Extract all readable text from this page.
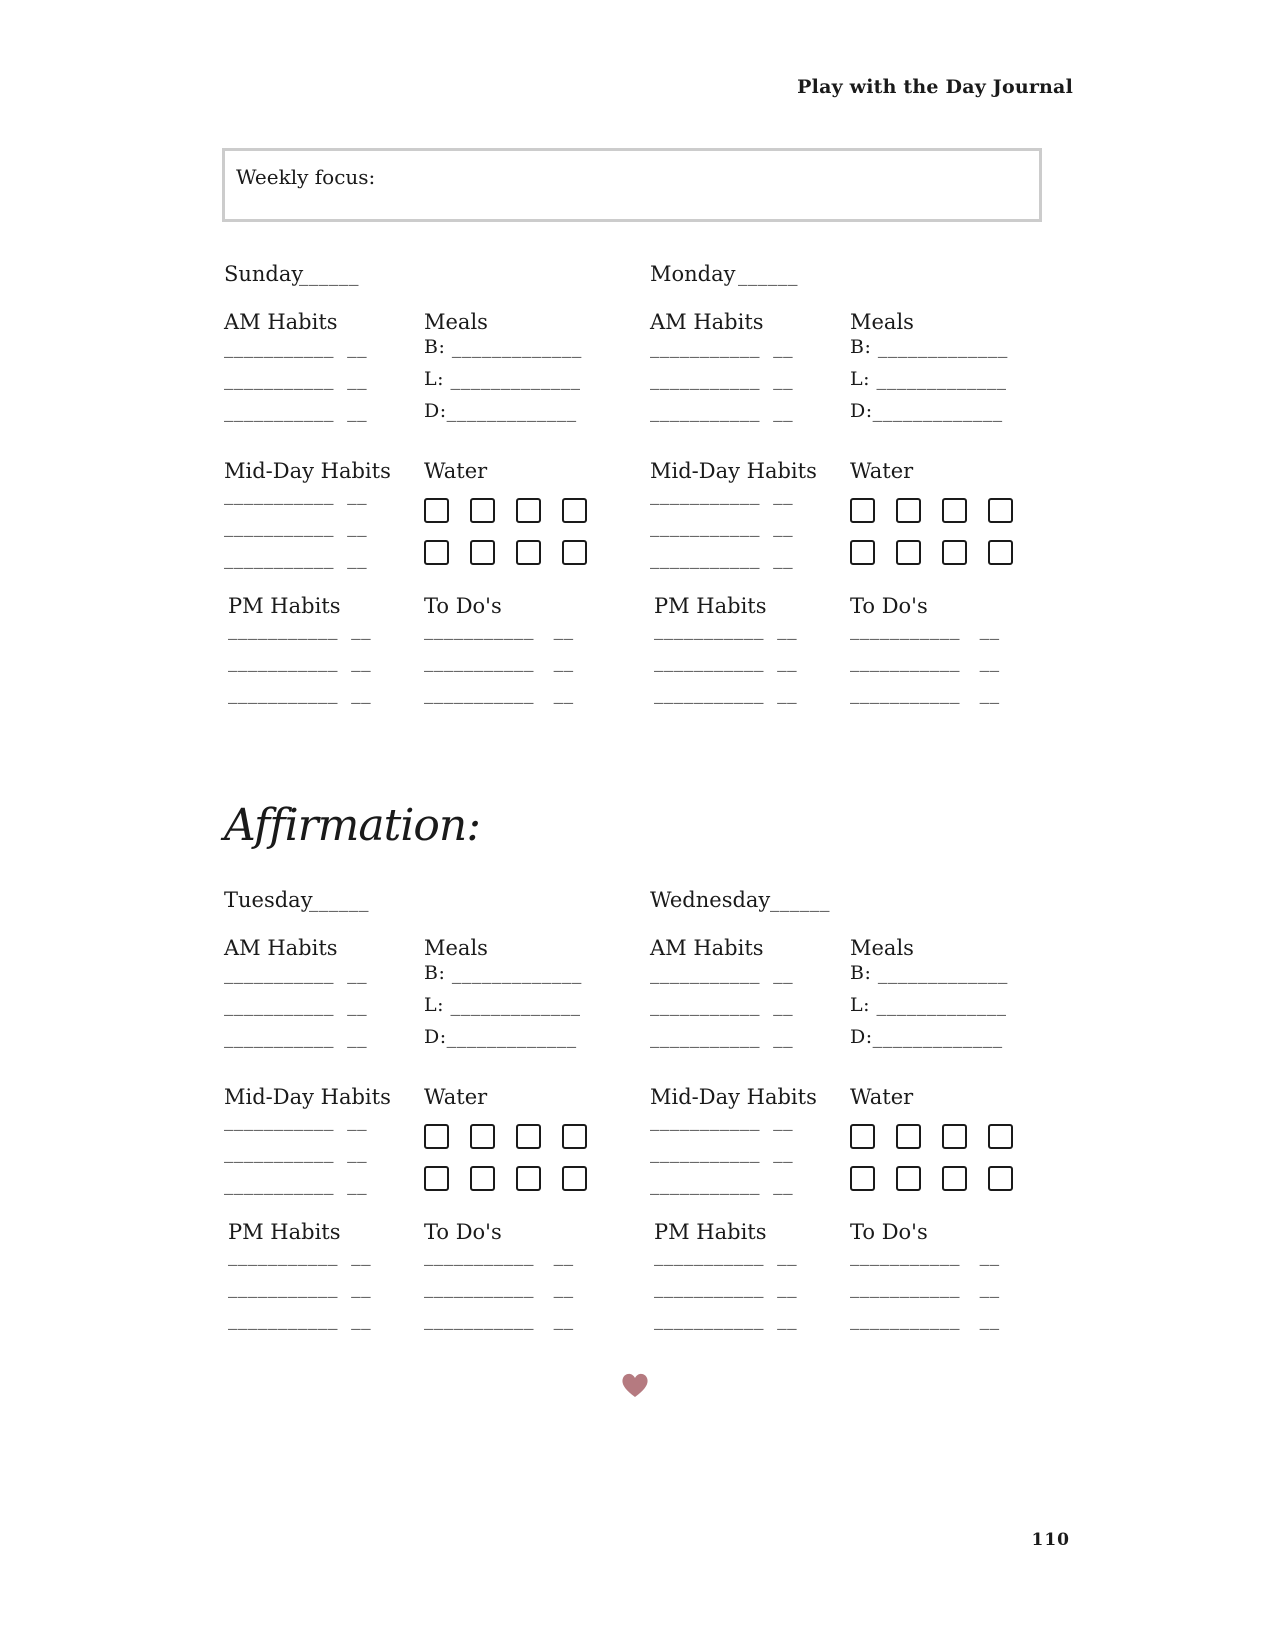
Play with the Day Journal
Weekly focus:
Sunday
______
AM Habits
___________  __
___________  __
___________  __
Meals
B: _____________
L: _____________
D:_____________
Mid-Day Habits
___________  __
___________  __
___________  __
Water
PM Habits
___________  __
___________  __
___________  __
To Do's
___________   __
___________   __
___________   __
Monday ______
AM Habits
___________  __
___________  __
___________  __
Meals
B: _____________
L: _____________
D:_____________
Mid-Day Habits
___________  __
___________  __
___________  __
Water
PM Habits
___________  __
___________  __
___________  __
To Do's
___________   __
___________   __
___________   __
Affirmation:
Tuesday
______
AM Habits
___________  __
___________  __
___________  __
Meals
B: _____________
L: _____________
D:_____________
Mid-Day Habits
___________  __
___________  __
___________  __
Water
PM Habits
___________  __
___________  __
___________  __
To Do's
___________   __
___________   __
___________   __
Wednesday ______
AM Habits
___________  __
___________  __
___________  __
Meals
B: _____________
L: _____________
D:_____________
Mid-Day Habits
___________  __
___________  __
___________  __
Water
PM Habits
___________  __
___________  __
___________  __
To Do's
___________   __
___________   __
___________   __
110
